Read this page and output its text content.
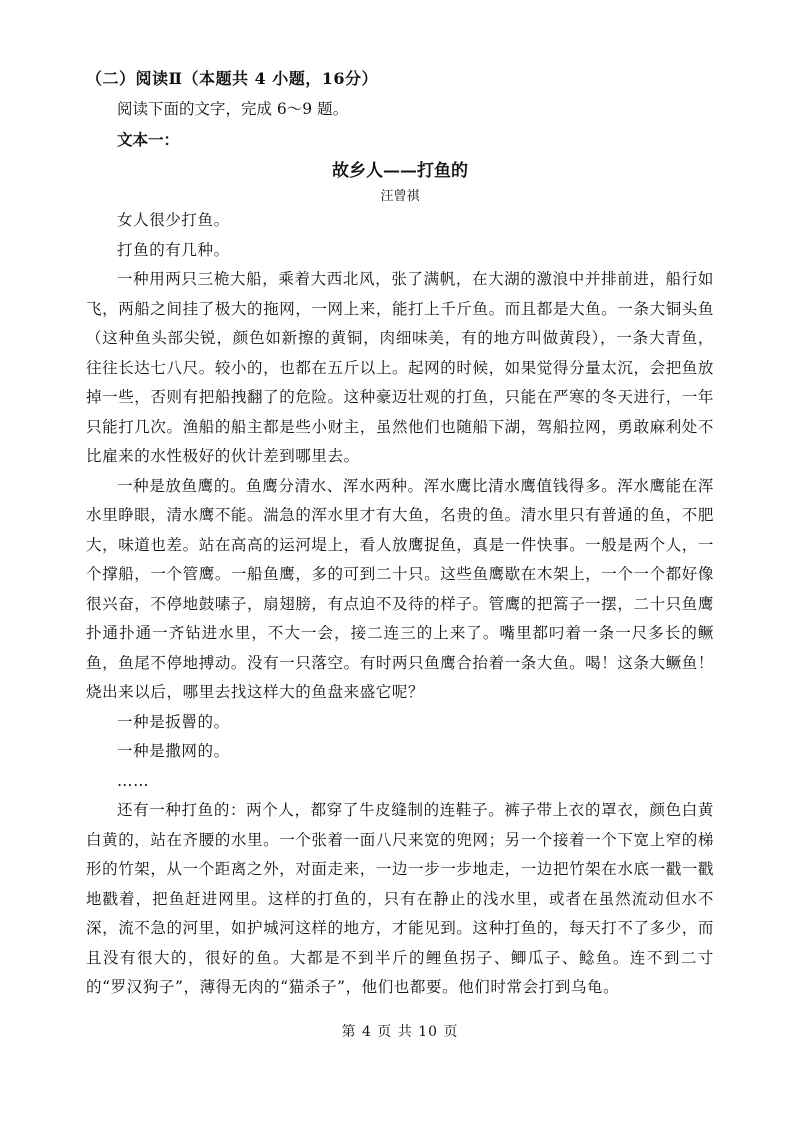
（二）阅读Ⅱ（本题共 4 小题，16分）
阅读下面的文字，完成 6～9 题。
文本一：
故乡人——打鱼的
汪曾祺

女人很少打鱼。

打鱼的有几种。

一种用两只三桅大船，乘着大西北风，张了满帆，在大湖的激浪中并排前进，船行如飞，两船之间挂了极大的拖网，一网上来，能打上千斤鱼。而且都是大鱼。一条大铜头鱼（这种鱼头部尖锐，颜色如新擦的黄铜，肉细味美，有的地方叫做黄段），一条大青鱼，往往长达七八尺。较小的，也都在五斤以上。起网的时候，如果觉得分量太沉，会把鱼放掉一些，否则有把船拽翻了的危险。这种豪迈壮观的打鱼，只能在严寒的冬天进行，一年只能打几次。渔船的船主都是些小财主，虽然他们也随船下湖，驾船拉网，勇敢麻利处不比雇来的水性极好的伙计差到哪里去。

一种是放鱼鹰的。鱼鹰分清水、浑水两种。浑水鹰比清水鹰值钱得多。浑水鹰能在浑水里睁眼，清水鹰不能。湍急的浑水里才有大鱼，名贵的鱼。清水里只有普通的鱼，不肥大，味道也差。站在高高的运河堤上，看人放鹰捉鱼，真是一件快事。一般是两个人，一个撑船，一个管鹰。一船鱼鹰，多的可到二十只。这些鱼鹰歇在木架上，一个一个都好像很兴奋，不停地鼓嗉子，扇翅膀，有点迫不及待的样子。管鹰的把篙子一摆，二十只鱼鹰扑通扑通一齐钻进水里，不大一会，接二连三的上来了。嘴里都叼着一条一尺多长的鳜鱼，鱼尾不停地搏动。没有一只落空。有时两只鱼鹰合抬着一条大鱼。喝！这条大鳜鱼！烧出来以后，哪里去找这样大的鱼盘来盛它呢？

一种是扳罾的。

一种是撒网的。

……

还有一种打鱼的：两个人，都穿了牛皮缝制的连鞋子。裤子带上衣的罩衣，颜色白黄白黄的，站在齐腰的水里。一个张着一面八尺来宽的兜网；另一个接着一个下宽上窄的梯形的竹架，从一个距离之外，对面走来，一边一步一步地走，一边把竹架在水底一戳一戳地戳着，把鱼赶进网里。这样的打鱼的，只有在静止的浅水里，或者在虽然流动但水不深，流不急的河里，如护城河这样的地方，才能见到。这种打鱼的，每天打不了多少，而且没有很大的，很好的鱼。大都是不到半斤的鲤鱼拐子、鲫瓜子、鲶鱼。连不到二寸的“罗汉狗子”，薄得无肉的“猫杀子”，他们也都要。他们时常会打到乌龟。

第 4 页 共 10 页
